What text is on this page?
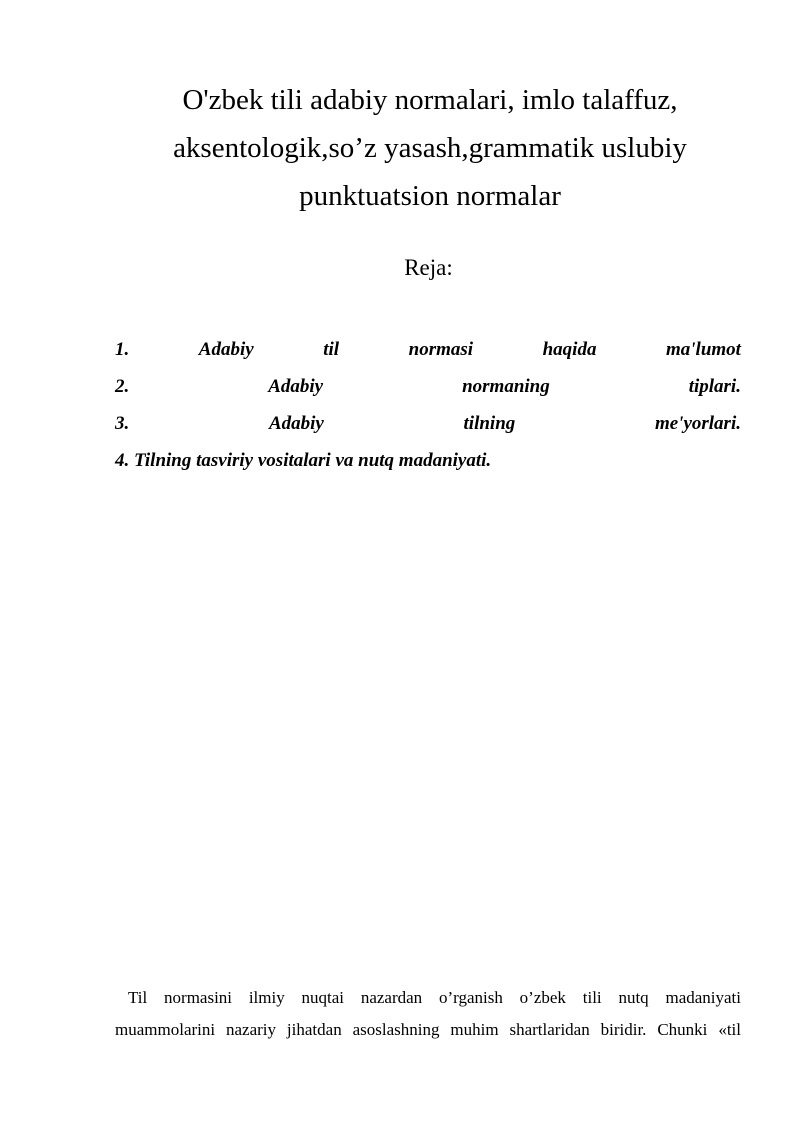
O'zbek tili adabiy normalari, imlo talaffuz,
aksentologik,so’z yasash,grammatik uslubiy
punktuatsion normalar

Reja:

1.	Adabiy	til	normasi	haqida	ma'lumot
2.	Adabiy	normaning	tiplari.
3.	Adabiy	tilning	me'yorlari.
4. Tilning tasviriy vositalari va nutq madaniyati.

Til normasini ilmiy nuqtai nazardan o’rganish o’zbek tili nutq madaniyati
muammolarini nazariy jihatdan asoslashning muhim shartlaridan biridir. Chunki «til
